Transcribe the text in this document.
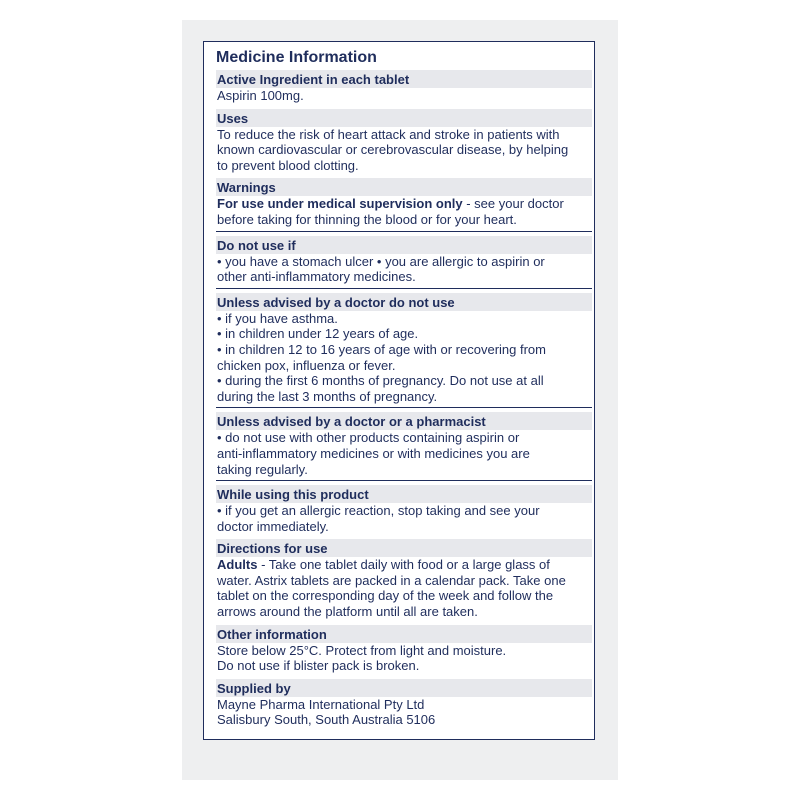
Medicine Information
Active Ingredient in each tablet
Aspirin 100mg.
Uses
To reduce the risk of heart attack and stroke in patients with
known cardiovascular or cerebrovascular disease, by helping
to prevent blood clotting.
Warnings
For use under medical supervision only - see your doctor
before taking for thinning the blood or for your heart.
Do not use if
• you have a stomach ulcer • you are allergic to aspirin or
other anti-inflammatory medicines.
Unless advised by a doctor do not use
• if you have asthma.
• in children under 12 years of age.
• in children 12 to 16 years of age with or recovering from
chicken pox, influenza or fever.
• during the first 6 months of pregnancy. Do not use at all
during the last 3 months of pregnancy.
Unless advised by a doctor or a pharmacist
• do not use with other products containing aspirin or
anti-inflammatory medicines or with medicines you are
taking regularly.
While using this product
• if you get an allergic reaction, stop taking and see your
doctor immediately.
Directions for use
Adults - Take one tablet daily with food or a large glass of
water. Astrix tablets are packed in a calendar pack. Take one
tablet on the corresponding day of the week and follow the
arrows around the platform until all are taken.
Other information
Store below 25°C. Protect from light and moisture.
Do not use if blister pack is broken.
Supplied by
Mayne Pharma International Pty Ltd
Salisbury South, South Australia 5106
